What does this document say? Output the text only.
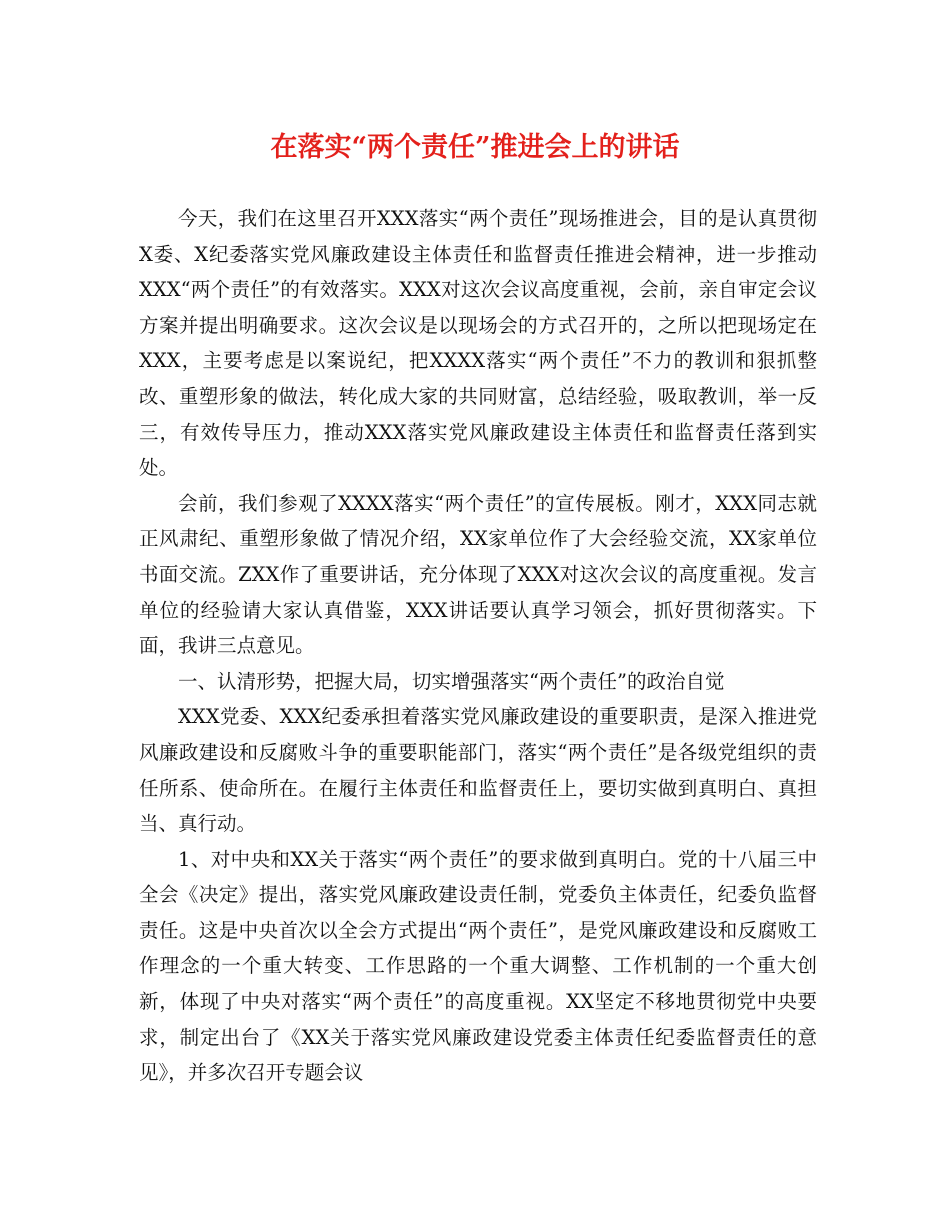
在落实“两个责任”推进会上的讲话

今天，我们在这里召开XXX落实“两个责任”现场推进会，目的是认真贯彻X委、X纪委落实党风廉政建设主体责任和监督责任推进会精神，进一步推动XXX“两个责任”的有效落实。XXX对这次会议高度重视，会前，亲自审定会议方案并提出明确要求。这次会议是以现场会的方式召开的，之所以把现场定在XXX，主要考虑是以案说纪，把XXXX落实“两个责任”不力的教训和狠抓整改、重塑形象的做法，转化成大家的共同财富，总结经验，吸取教训，举一反三，有效传导压力，推动XXX落实党风廉政建设主体责任和监督责任落到实处。

会前，我们参观了XXXX落实“两个责任”的宣传展板。刚才，XXX同志就正风肃纪、重塑形象做了情况介绍，XX家单位作了大会经验交流，XX家单位书面交流。ZXX作了重要讲话，充分体现了XXX对这次会议的高度重视。发言单位的经验请大家认真借鉴，XXX讲话要认真学习领会，抓好贯彻落实。下面，我讲三点意见。

一、认清形势，把握大局，切实增强落实“两个责任”的政治自觉

XXX党委、XXX纪委承担着落实党风廉政建设的重要职责，是深入推进党风廉政建设和反腐败斗争的重要职能部门，落实“两个责任”是各级党组织的责任所系、使命所在。在履行主体责任和监督责任上，要切实做到真明白、真担当、真行动。

1、对中央和XX关于落实“两个责任”的要求做到真明白。党的十八届三中全会《决定》提出，落实党风廉政建设责任制，党委负主体责任，纪委负监督责任。这是中央首次以全会方式提出“两个责任”，是党风廉政建设和反腐败工作理念的一个重大转变、工作思路的一个重大调整、工作机制的一个重大创新，体现了中央对落实“两个责任”的高度重视。XX坚定不移地贯彻党中央要求，制定出台了《XX关于落实党风廉政建设党委主体责任纪委监督责任的意见》，并多次召开专题会议
